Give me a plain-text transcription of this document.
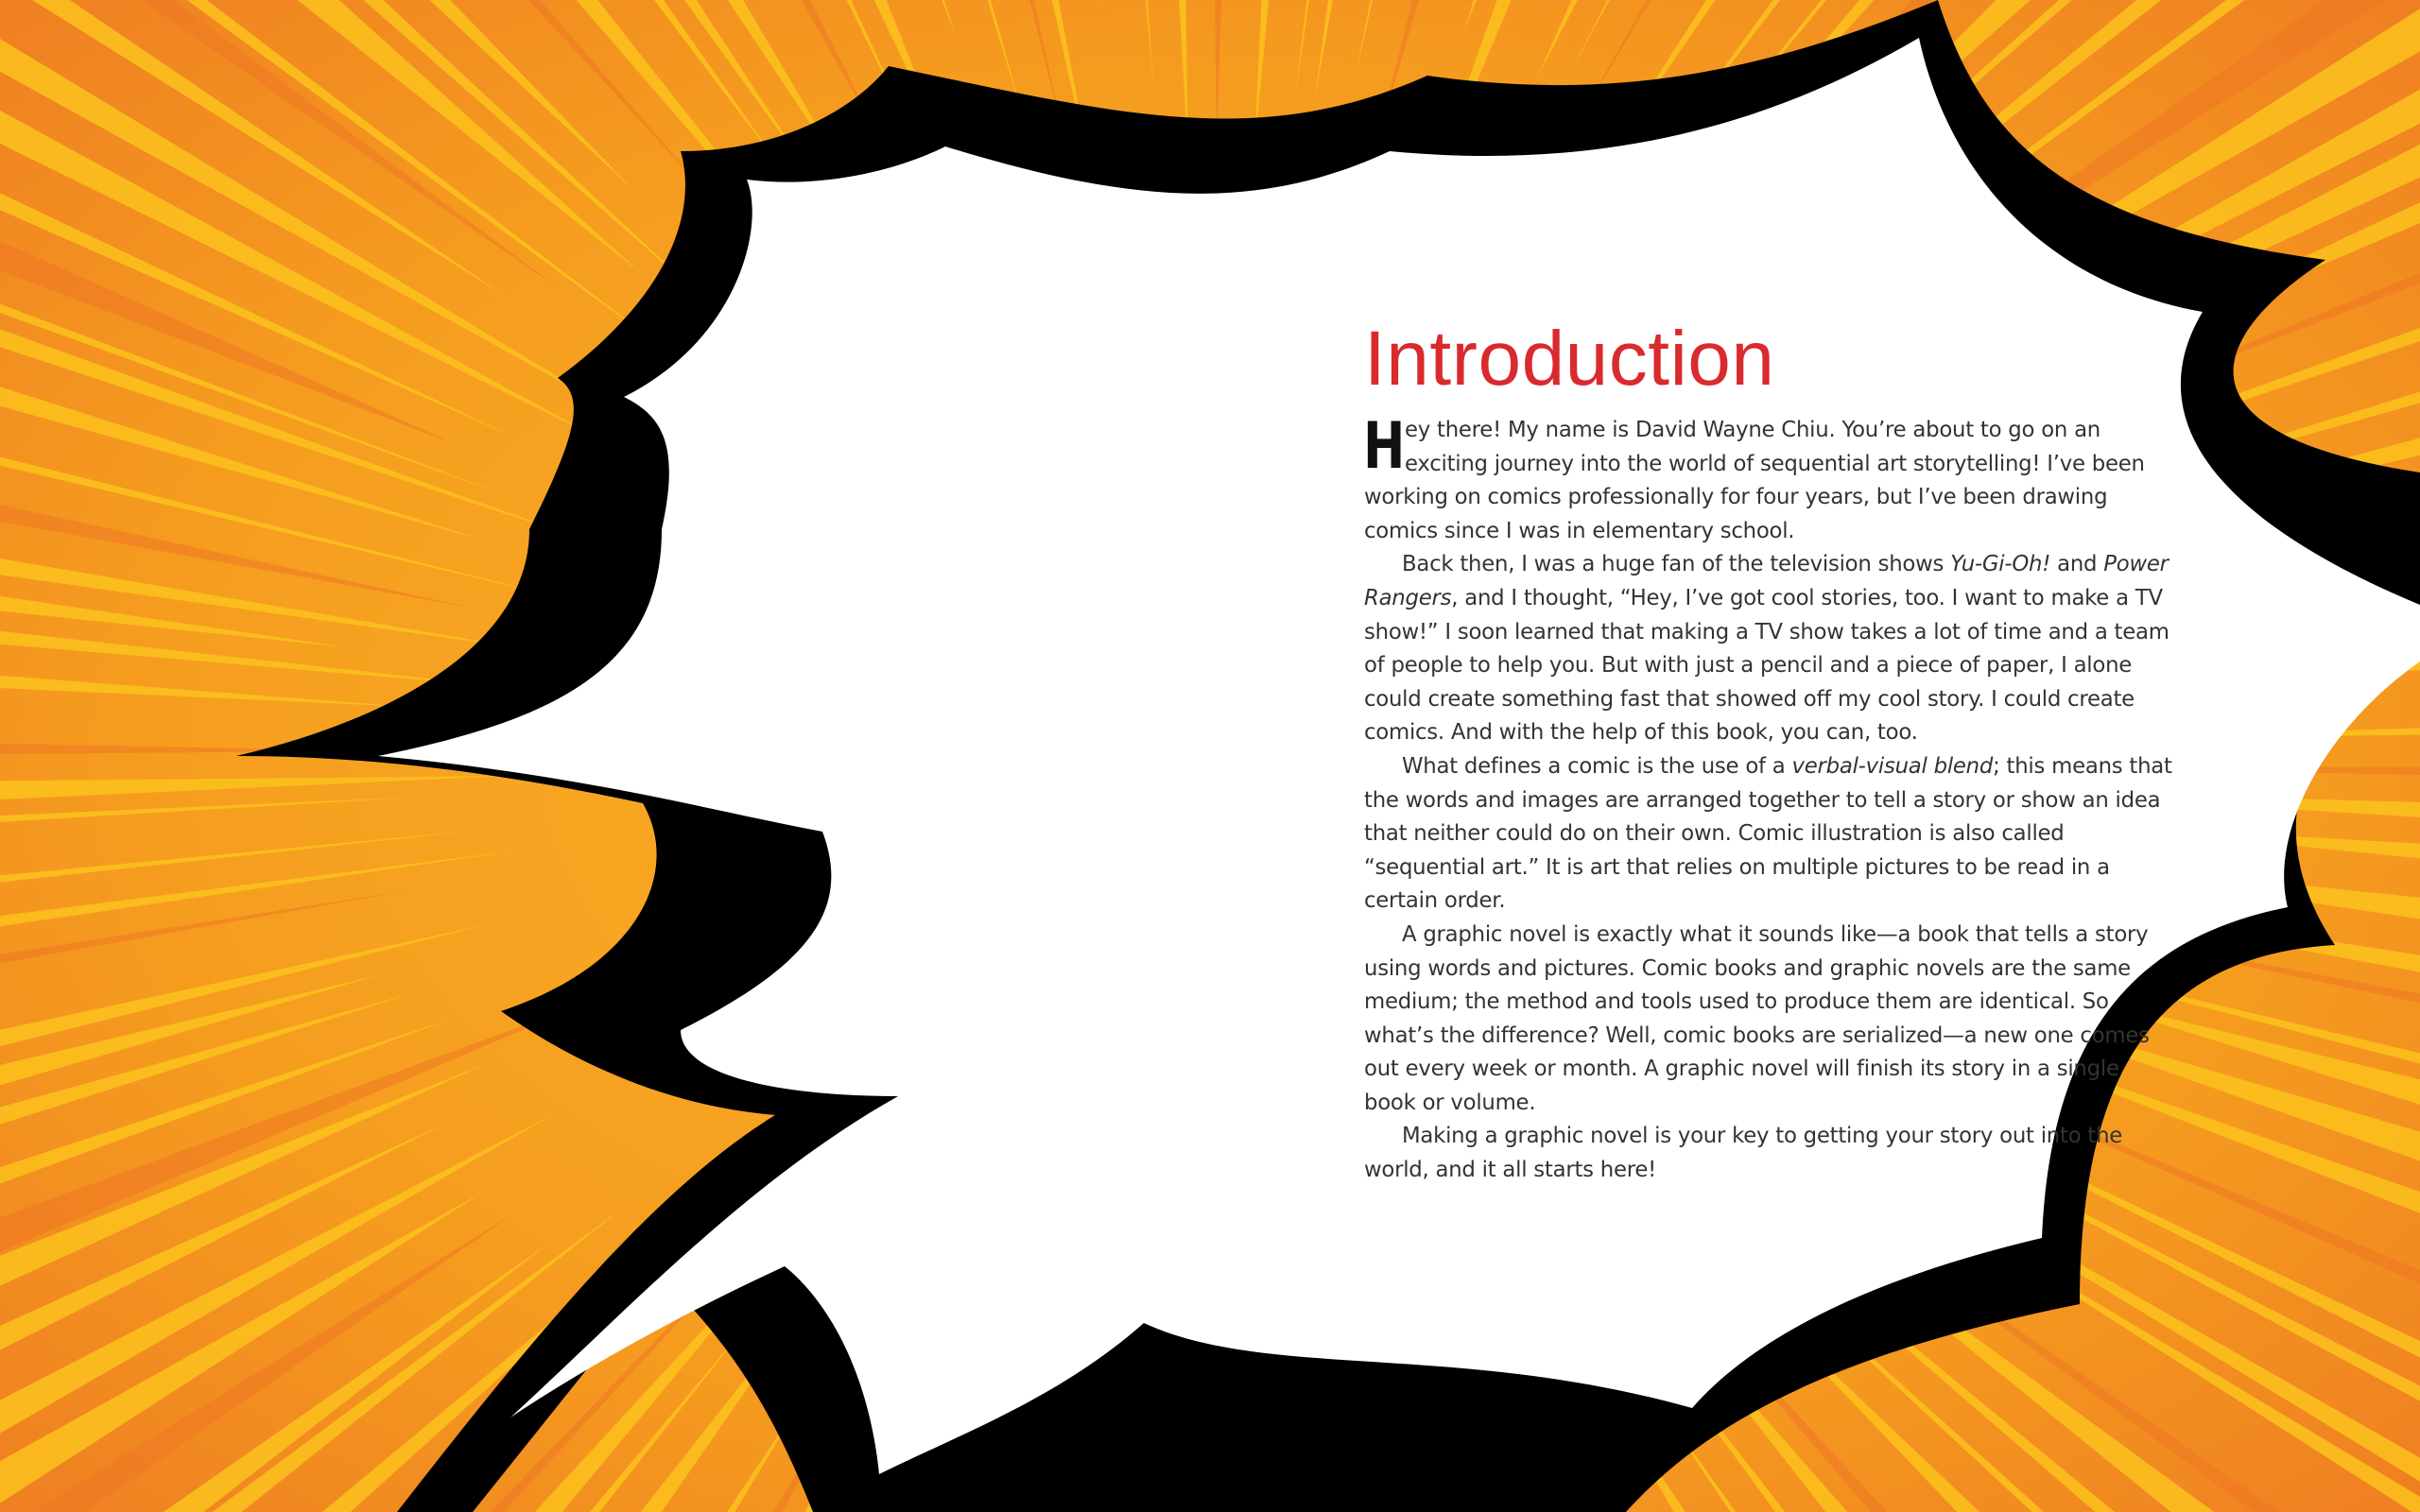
Introduction

Hey there! My name is David Wayne Chiu. You’re about to go on an exciting journey into the world of sequential art storytelling! I’ve been working on comics professionally for four years, but I’ve been drawing comics since I was in elementary school.

Back then, I was a huge fan of the television shows Yu-Gi-Oh! and Power Rangers, and I thought, “Hey, I’ve got cool stories, too. I want to make a TV show!” I soon learned that making a TV show takes a lot of time and a team of people to help you. But with just a pencil and a piece of paper, I alone could create something fast that showed off my cool story. I could create comics. And with the help of this book, you can, too.

What defines a comic is the use of a verbal-visual blend; this means that the words and images are arranged together to tell a story or show an idea that neither could do on their own. Comic illustration is also called “sequential art.” It is art that relies on multiple pictures to be read in a certain order.

A graphic novel is exactly what it sounds like—a book that tells a story using words and pictures. Comic books and graphic novels are the same medium; the method and tools used to produce them are identical. So what’s the difference? Well, comic books are serialized—a new one comes out every week or month. A graphic novel will finish its story in a single book or volume.

Making a graphic novel is your key to getting your story out into the world, and it all starts here!
